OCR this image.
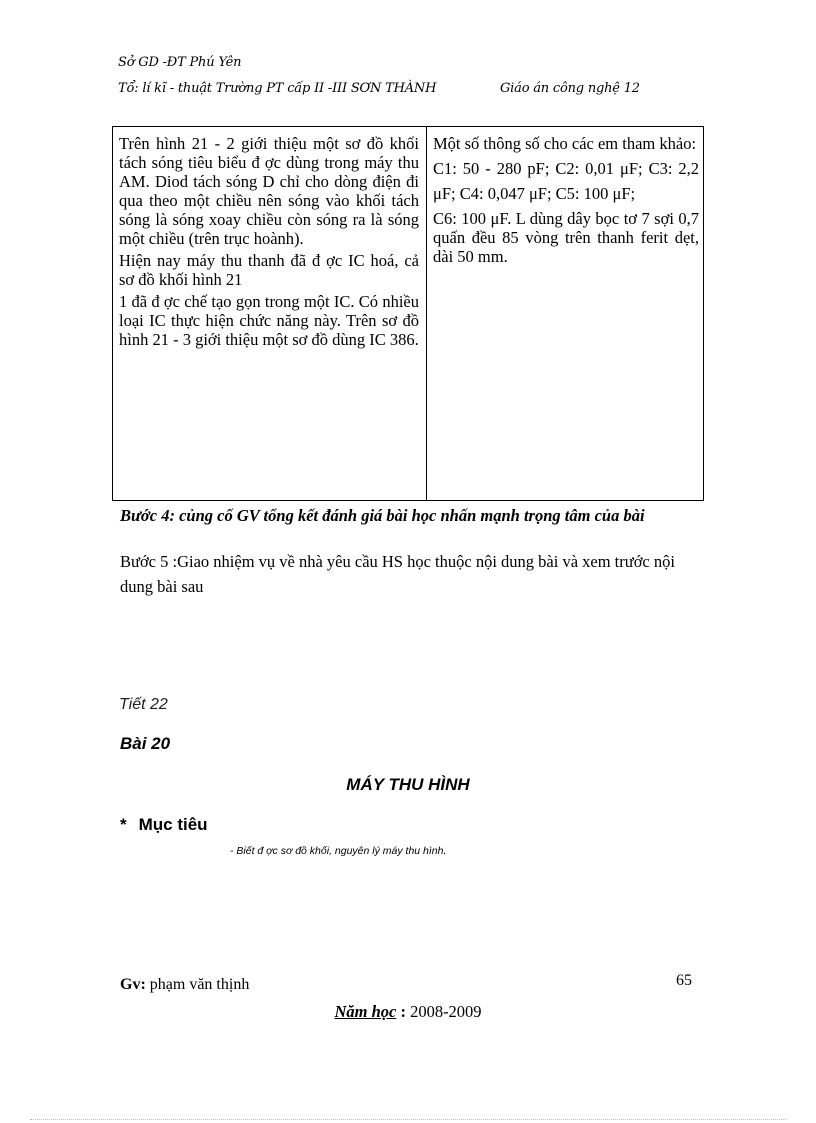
Sở GD -ĐT Phú Yên
Tổ: lí kĩ - thuật Trường PT cấp II -III SƠN THÀNH	Giáo án công nghệ 12

Trên hình 21 - 2 giới thiệu một sơ đồ khối tách sóng tiêu biểu đ ợc dùng trong máy thu AM. Diod tách sóng D chỉ cho dòng điện đi qua theo một chiều nên sóng vào khối tách sóng là sóng xoay chiều còn sóng ra là sóng một chiều (trên trục hoành).

Hiện nay máy thu thanh đã đ ợc IC hoá, cả sơ đồ khối hình 21

1 đã đ ợc chế tạo gọn trong một IC. Có nhiều loại IC thực hiện chức năng này. Trên sơ đồ hình 21 - 3 giới thiệu một sơ đồ dùng IC 386.

Một số thông số cho các em tham khảo:

C1: 50 - 280 pF; C2: 0,01 μF; C3: 2,2 μF; C4: 0,047 μF; C5: 100 μF;

C6: 100 μF. L dùng dây bọc tơ 7 sợi 0,7 quấn đều 85 vòng trên thanh ferit dẹt, dài 50 mm.

Bước 4: củng cố GV tổng kết đánh giá bài học nhấn mạnh trọng tâm của bài
Bước 5 :Giao nhiệm vụ về nhà yêu cầu HS học thuộc nội dung bài và xem trước nội dung bài sau
Tiết 22
Bài 20
MÁY THU HÌNH
* Mục tiêu
- Biết đ ợc sơ đồ khối, nguyên lý máy thu hình.
Gv: phạm văn thịnh	65
Năm học : 2008-2009
